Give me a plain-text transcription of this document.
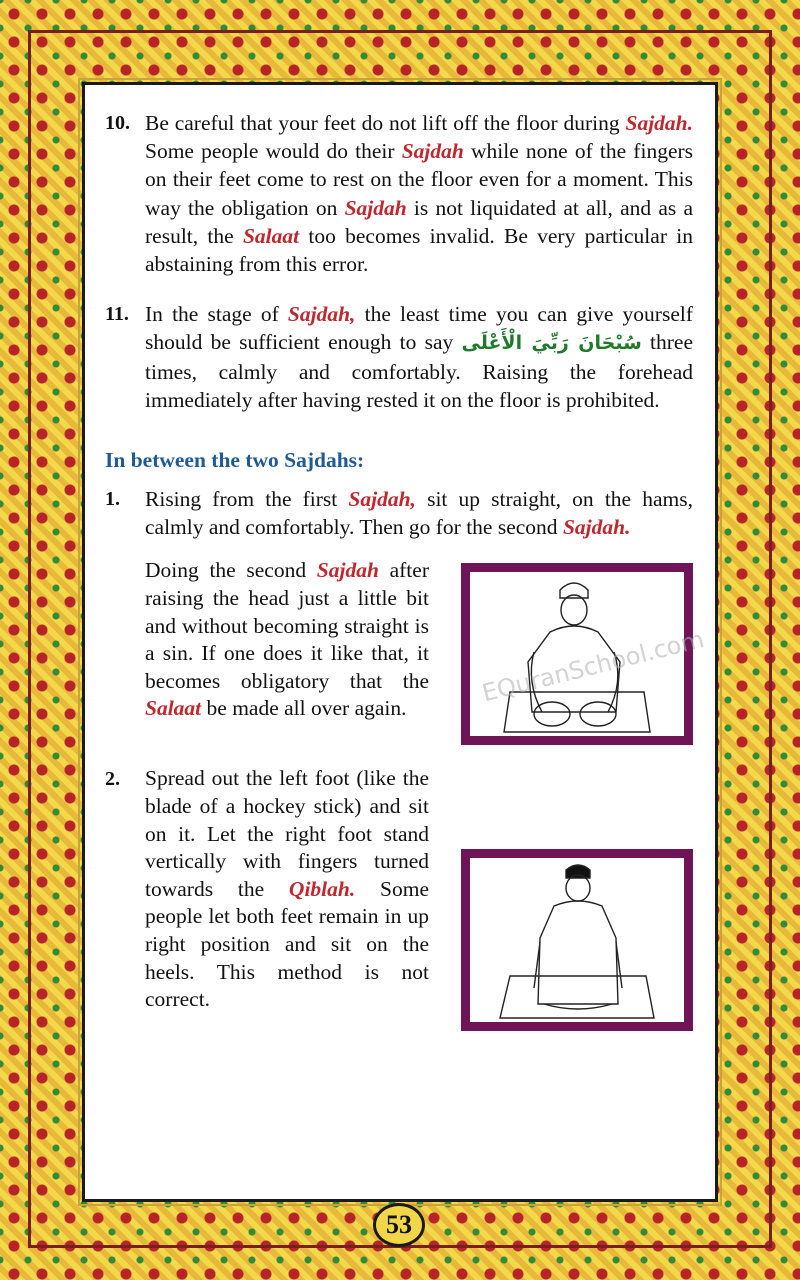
10. Be careful that your feet do not lift off the floor during Sajdah. Some people would do their Sajdah while none of the fingers on their feet come to rest on the floor even for a moment. This way the obligation on Sajdah is not liquidated at all, and as a result, the Salaat too becomes invalid. Be very particular in abstaining from this error.
11. In the stage of Sajdah, the least time you can give yourself should be sufficient enough to say سُبْحَانَ رَبِّيَ الْأَعْلَى three times, calmly and comfortably. Raising the forehead immediately after having rested it on the floor is prohibited.
In between the two Sajdahs:
1. Rising from the first Sajdah, sit up straight, on the hams, calmly and comfortably. Then go for the second Sajdah.
Doing the second Sajdah after raising the head just a little bit and without becoming straight is a sin. If one does it like that, it becomes obligatory that the Salaat be made all over again.
EQuranSchool.com
2. Spread out the left foot (like the blade of a hockey stick) and sit on it. Let the right foot stand vertically with fingers turned towards the Qiblah. Some people let both feet remain in up right position and sit on the heels. This method is not correct.
53
